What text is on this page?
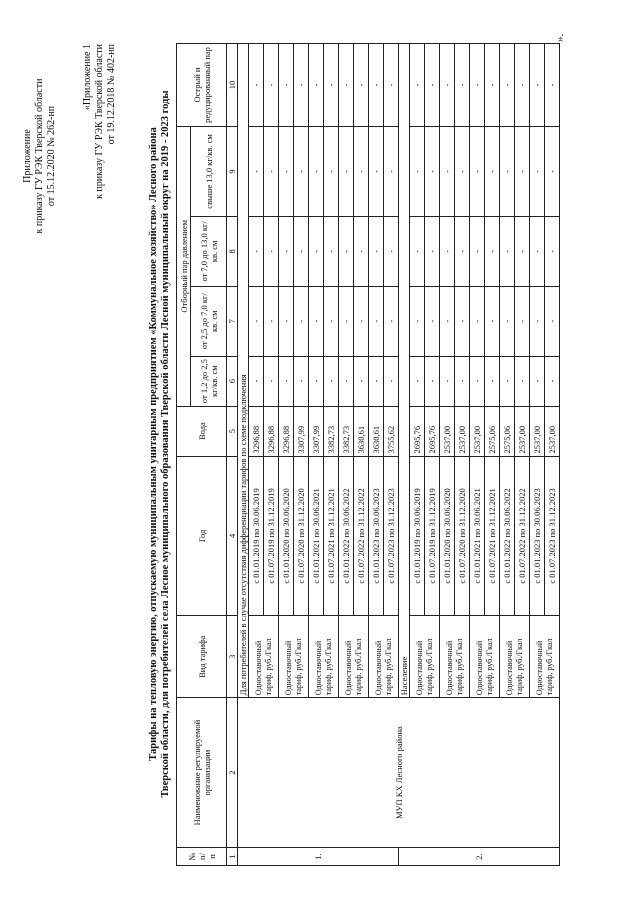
Приложение к приказу ГУ РЭК Тверской области от 15.12.2020 № 262-нп
«Приложение 1 к приказу ГУ РЭК Тверской области от 19.12.2018 № 402-нп
Тарифы на тепловую энергию, отпускаемую муниципальным унитарным предприятием «Коммунальное хозяйство» Лесного района Тверской области, для потребителей села Лесное муниципального образования Тверской области Лесной муниципальный округ на 2019 - 2023 годы
№ п/ п	Наименование регулируемой организации	Вид тарифа	Год	Вода	Отборный пар давлением				Острый и редуцированный пар
					от 1,2 до 2,5 кг/кв. см	от 2,5 до 7,0 кг/кв. см	от 7,0 до 13,0 кг/кв. см	свыше 13,0 кг/кв. см	
1	2	3	4	5	6	7	8	9	10
1.	МУП КХ Лесного района	Для потребителей в случае отсутствия дифференциации тарифов по схеме подключения							
		Одноставочный тариф, руб./Гкал	с 01.01.2019 по 30.06.2019	3296,88	-	-	-	-	-
			с 01.07.2019 по 31.12.2019	3296,88	-	-	-	-	-
		Одноставочный тариф, руб./Гкал	с 01.01.2020 по 30.06.2020	3296,88	-	-	-	-	-
			с 01.07.2020 по 31.12.2020	3307,99	-	-	-	-	-
		Одноставочный тариф, руб./Гкал	с 01.01.2021 по 30.06.2021	3307,99	-	-	-	-	-
			с 01.07.2021 по 31.12.2021	3382,73	-	-	-	-	-
		Одноставочный тариф, руб./Гкал	с 01.01.2022 по 30.06.2022	3382,73	-	-	-	-	-
			с 01.07.2022 по 31.12.2022	3630,61	-	-	-	-	-
		Одноставочный тариф, руб./Гкал	с 01.01.2023 по 30.06.2023	3630,61	-	-	-	-	-
			с 01.07.2023 по 31.12.2023	3755,62	-	-	-	-	-
2.		Население							
		Одноставочный тариф, руб./Гкал	с 01.01.2019 по 30.06.2019	2695,76	-	-	-	-	-
			с 01.07.2019 по 31.12.2019	2695,76	-	-	-	-	-
		Одноставочный тариф, руб./Гкал	с 01.01.2020 по 30.06.2020	2537,00	-	-	-	-	-
			с 01.07.2020 по 31.12.2020	2537,00	-	-	-	-	-
		Одноставочный тариф, руб./Гкал	с 01.01.2021 по 30.06.2021	2537,00	-	-	-	-	-
			с 01.07.2021 по 31.12.2021	2575,06	-	-	-	-	-
		Одноставочный тариф, руб./Гкал	с 01.01.2022 по 30.06.2022	2575,06	-	-	-	-	-
			с 01.07.2022 по 31.12.2022	2537,00	-	-	-	-	-
		Одноставочный тариф, руб./Гкал	с 01.01.2023 по 30.06.2023	2537,00	-	-	-	-	-
			с 01.07.2023 по 31.12.2023	2537,00	-	-	-	-	-
».
